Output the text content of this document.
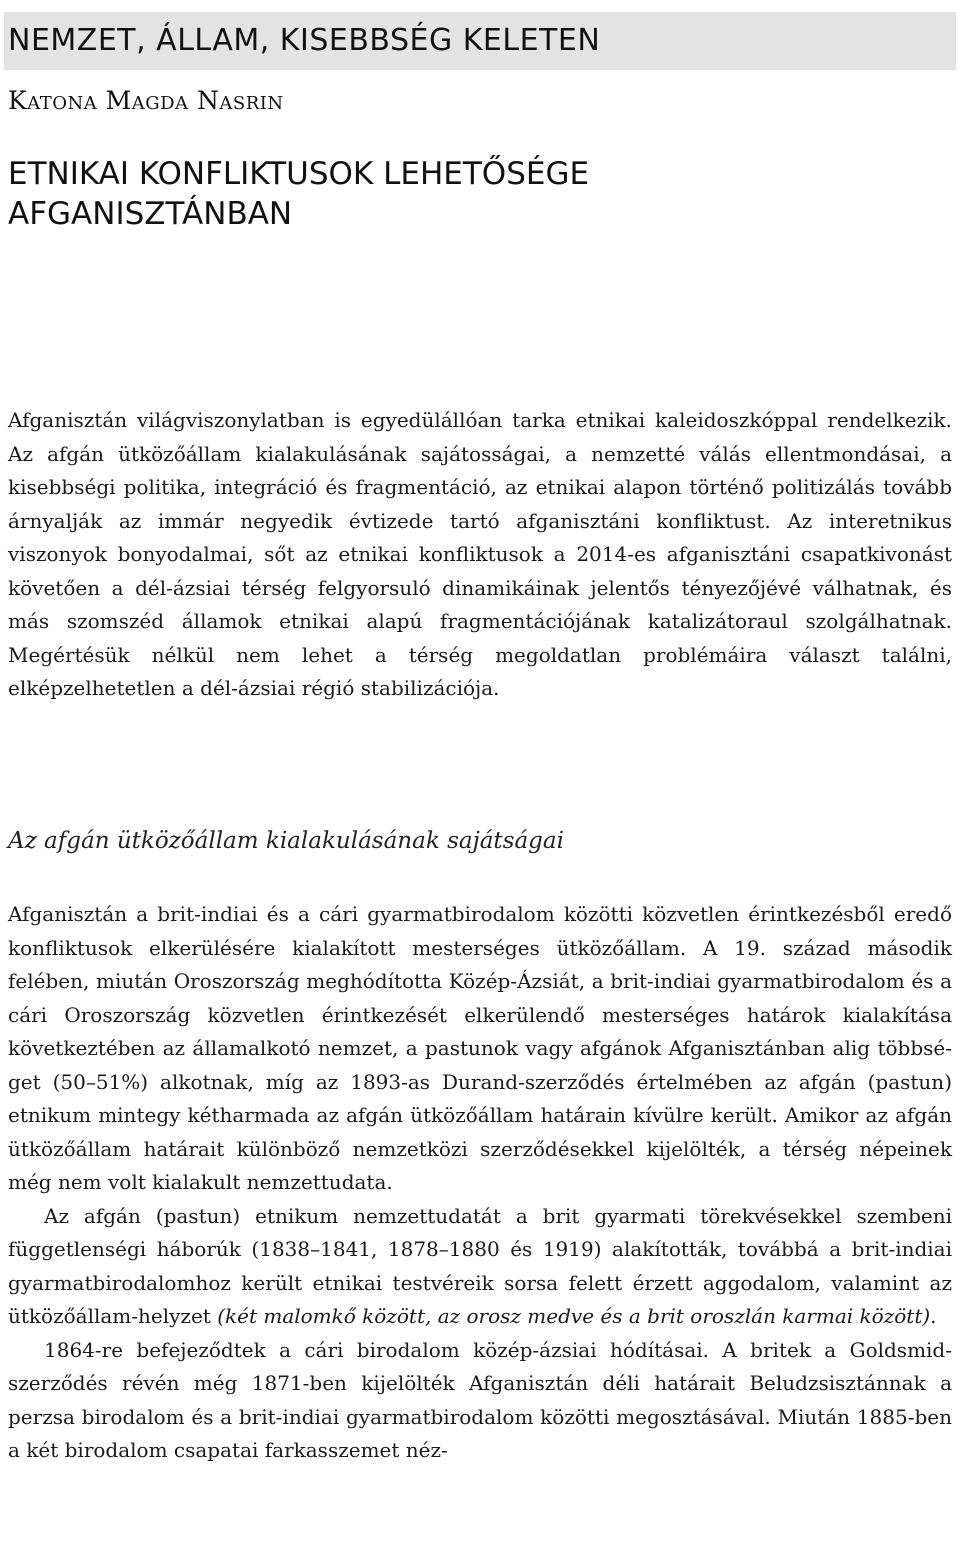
NEMZET, ÁLLAM, KISEBBSÉG KELETEN
Katona Magda Nasrin
ETNIKAI KONFLIKTUSOK LEHETŐSÉGE
AFGANISZTÁNBAN

Afganisztán világviszonylatban is egyedülállóan tarka etnikai kaleidoszkóppal rendelkezik. Az afgán ütközőállam kialakulásának sajátosságai, a nemzetté válás ellentmondásai, a kisebbségi politika, integráció és fragmentáció, az etnikai alapon történő politizálás tovább árnyalják az immár negyedik évtizede tartó afganisztáni konfliktust. Az interetnikus viszonyok bonyodalmai, sőt az etnikai konfliktusok a 2014-es afganisztáni csapatkivonást követően a dél-ázsiai térség felgyorsuló dinamikáinak jelentős tényezőjévé válhatnak, és más szomszéd államok etnikai alapú fragmentációjának katalizátoraul szolgálhatnak. Megértésük nélkül nem lehet a térség megoldatlan problémáira választ találni, elképzelhetetlen a dél-ázsiai régió stabilizációja.

Az afgán ütközőállam kialakulásának sajátságai

Afganisztán a brit-indiai és a cári gyarmatbirodalom közötti közvetlen érintkezésből eredő konfliktusok elkerülésére kialakított mesterséges ütközőállam. A 19. század második felében, miután Oroszország meghódította Közép-Ázsiát, a brit-indiai gyarmatbirodalom és a cári Oroszország közvetlen érintkezését elkerülendő mesterséges határok kialakítása következtében az államalkotó nemzet, a pastunok vagy afgánok Afganisztánban alig többséget (50–51%) alkotnak, míg az 1893-as Durand-szerződés értelmében az afgán (pastun) etnikum mintegy kétharmada az afgán ütközőállam határain kívülre került. Amikor az afgán ütközőállam határait különböző nemzetközi szerződésekkel kijelölték, a térség népeinek még nem volt kialakult nemzettudata.

Az afgán (pastun) etnikum nemzettudatát a brit gyarmati törekvésekkel szembeni függetlenségi háborúk (1838–1841, 1878–1880 és 1919) alakították, továbbá a brit-indiai gyarmatbirodalomhoz került etnikai testvéreik sorsa felett érzett aggodalom, valamint az ütközőállam-helyzet (két malomkő között, az orosz medve és a brit oroszlán karmai között).

1864-re befejeződtek a cári birodalom közép-ázsiai hódításai. A britek a Goldsmid-szerződés révén még 1871-ben kijelölték Afganisztán déli határait Beludzsisztánnak a perzsa birodalom és a brit-indiai gyarmatbirodalom közötti megosztásával. Miután 1885-ben a két birodalom csapatai farkasszemet néz-
